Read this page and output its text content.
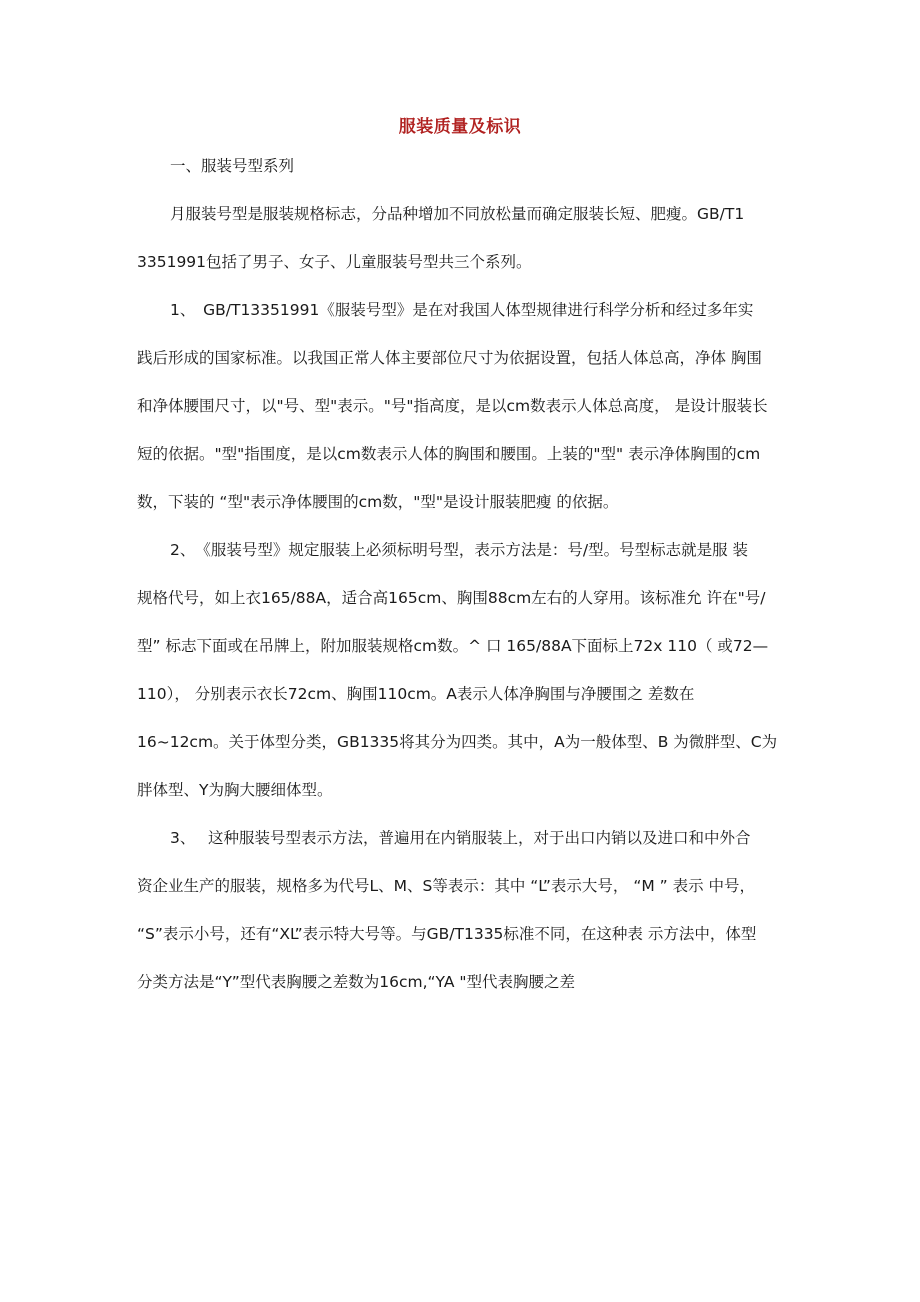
服装质量及标识
一、服装号型系列
月服装号型是服装规格标志，分品种增加不同放松量而确定服装长短、肥瘦。GB/T1
3351991包括了男子、女子、儿童服装号型共三个系列。
1、　GB/T13351991《服装号型》是在对我国人体型规律进行科学分析和经过多年实
践后形成的国家标准。以我国正常人体主要部位尺寸为依据设置，包括人体总高，净体 胸围
和净体腰围尺寸，以"号、型"表示。"号"指高度，是以cm数表示人体总高度， 是设计服装长
短的依据。"型"指围度，是以cm数表示人体的胸围和腰围。上装的"型" 表示净体胸围的cm
数，下装的 “型"表示净体腰围的cm数，"型"是设计服装肥瘦 的依据。
2、　《服装号型》规定服装上必须标明号型，表示方法是：号/型。号型标志就是服 装
规格代号，如上衣165/88A，适合高165cm、胸围88cm左右的人穿用。该标准允 许在"号/
型” 标志下面或在吊牌上，附加服装规格cm数。^ 口 165/88A下面标上72x 110（ 或72—
110）， 分别表示衣长72cm、胸围110cm。A表示人体净胸围与净腰围之 差数在
16~12cm。关于体型分类，GB1335将其分为四类。其中，A为一般体型、B 为微胖型、C为
胖体型、Y为胸大腰细体型。
3、　 这种服装号型表示方法，普遍用在内销服装上，对于出口内销以及进口和中外合
资企业生产的服装，规格多为代号L、M、S等表示：其中 “L”表示大号， “M ” 表示 中号，
“S”表示小号，还有“XL”表示特大号等。与GB/T1335标准不同，在这种表 示方法中，体型
分类方法是“Y”型代表胸腰之差数为16cm,“YA "型代表胸腰之差
